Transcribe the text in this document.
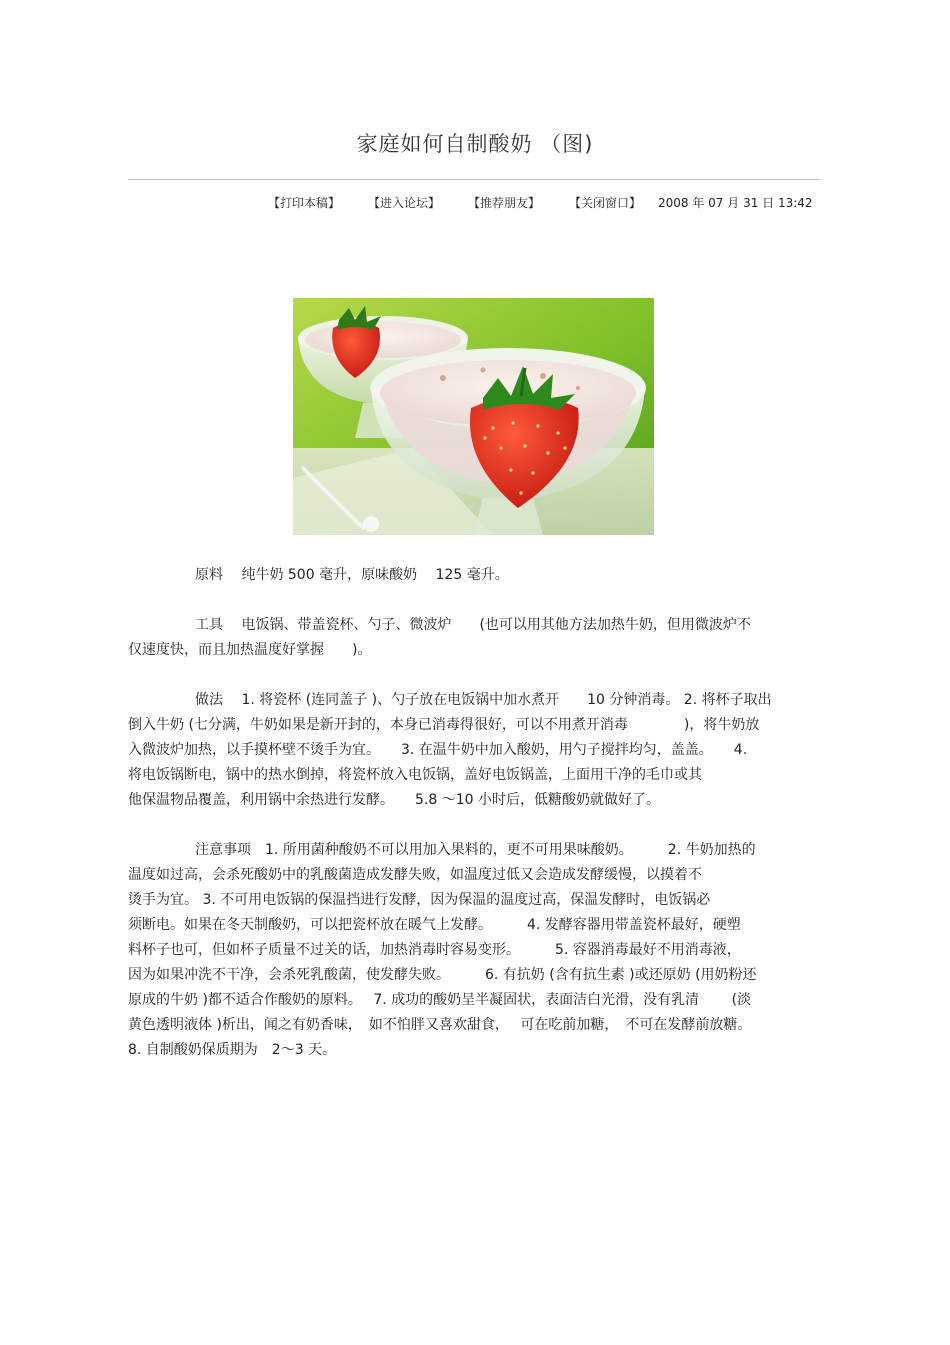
家庭如何自制酸奶 （图)
【打印本稿】 【进入论坛】 【推荐朋友】 【关闭窗口】 2008 年 07 月 31 日 13:42
原料　 纯牛奶 500 毫升，原味酸奶　 125 毫升。
工具　 电饭锅、带盖瓷杯、勺子、微波炉　　(也可以用其他方法加热牛奶，但用微波炉不
仅速度快，而且加热温度好掌握　　)。
做法　 1. 将瓷杯 (连同盖子 )、勺子放在电饭锅中加水煮开　　10 分钟消毒。 2. 将杯子取出
倒入牛奶 (七分满，牛奶如果是新开封的，本身已消毒得很好，可以不用煮开消毒　　　　)，将牛奶放
入微波炉加热，以手摸杯壁不烫手为宜。　　3. 在温牛奶中加入酸奶，用勺子搅拌均匀，盖盖。　　4.
将电饭锅断电，锅中的热水倒掉，将瓷杯放入电饭锅，盖好电饭锅盖，上面用干净的毛巾或其
他保温物品覆盖，利用锅中余热进行发酵。　　5.8 ～10 小时后，低糖酸奶就做好了。
注意事项　1. 所用菌种酸奶不可以用加入果料的，更不可用果味酸奶。　　　2. 牛奶加热的
温度如过高，会杀死酸奶中的乳酸菌造成发酵失败，如温度过低又会造成发酵缓慢，以摸着不
烫手为宜。 3. 不可用电饭锅的保温挡进行发酵，因为保温的温度过高，保温发酵时，电饭锅必
须断电。如果在冬天制酸奶，可以把瓷杯放在暖气上发酵。　　　4. 发酵容器用带盖瓷杯最好，硬塑
料杯子也可，但如杯子质量不过关的话，加热消毒时容易变形。　　　5. 容器消毒最好不用消毒液，
因为如果冲洗不干净，会杀死乳酸菌，使发酵失败。　　　6. 有抗奶 (含有抗生素 )或还原奶 (用奶粉还
原成的牛奶 )都不适合作酸奶的原料。　 7. 成功的酸奶呈半凝固状，表面洁白光滑，没有乳清　　 (淡
黄色透明液体 )析出，闻之有奶香味，　如不怕胖又喜欢甜食，　 可在吃前加糖，　不可在发酵前放糖。
8. 自制酸奶保质期为　2～3 天。
